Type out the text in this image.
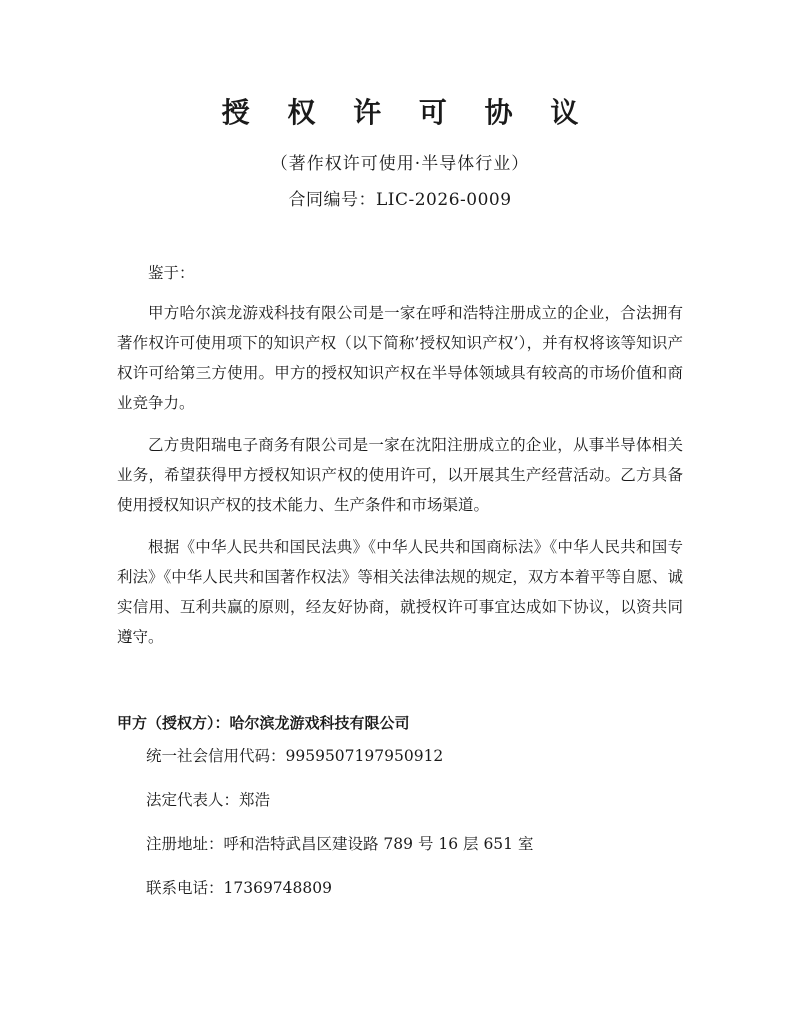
授 权 许 可 协 议
（著作权许可使用·半导体行业）
合同编号：LIC-2026-0009

鉴于：

甲方哈尔滨龙游戏科技有限公司是一家在呼和浩特注册成立的企业，合法拥有著作权许可使用项下的知识产权（以下简称’授权知识产权’），并有权将该等知识产权许可给第三方使用。甲方的授权知识产权在半导体领域具有较高的市场价值和商业竞争力。

乙方贵阳瑞电子商务有限公司是一家在沈阳注册成立的企业，从事半导体相关业务，希望获得甲方授权知识产权的使用许可，以开展其生产经营活动。乙方具备使用授权知识产权的技术能力、生产条件和市场渠道。

根据《中华人民共和国民法典》《中华人民共和国商标法》《中华人民共和国专利法》《中华人民共和国著作权法》等相关法律法规的规定，双方本着平等自愿、诚实信用、互利共赢的原则，经友好协商，就授权许可事宜达成如下协议，以资共同遵守。

甲方（授权方）：哈尔滨龙游戏科技有限公司
统一社会信用代码：9959507197950912
法定代表人：郑浩
注册地址：呼和浩特武昌区建设路 789 号 16 层 651 室
联系电话：17369748809
